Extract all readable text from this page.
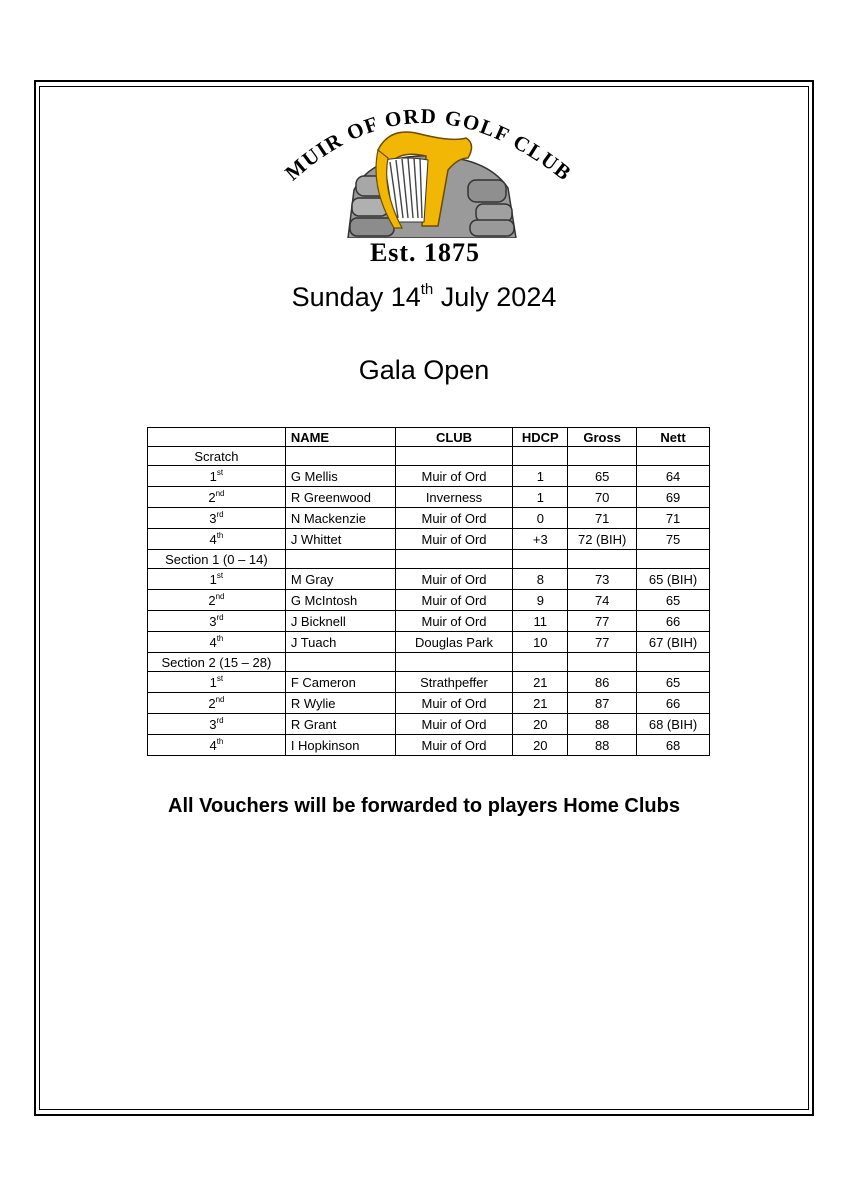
MUIR OF ORD GOLF CLUB
Est. 1875
Sunday 14th July 2024
Gala Open
	NAME	CLUB	HDCP	Gross	Nett
Scratch					
1st	G Mellis	Muir of Ord	1	65	64
2nd	R Greenwood	Inverness	1	70	69
3rd	N Mackenzie	Muir of Ord	0	71	71
4th	J Whittet	Muir of Ord	+3	72 (BIH)	75
Section 1 (0 – 14)					
1st	M Gray	Muir of Ord	8	73	65 (BIH)
2nd	G McIntosh	Muir of Ord	9	74	65
3rd	J Bicknell	Muir of Ord	11	77	66
4th	J Tuach	Douglas Park	10	77	67 (BIH)
Section 2 (15 – 28)					
1st	F Cameron	Strathpeffer	21	86	65
2nd	R Wylie	Muir of Ord	21	87	66
3rd	R Grant	Muir of Ord	20	88	68 (BIH)
4th	I Hopkinson	Muir of Ord	20	88	68
All Vouchers will be forwarded to players Home Clubs
